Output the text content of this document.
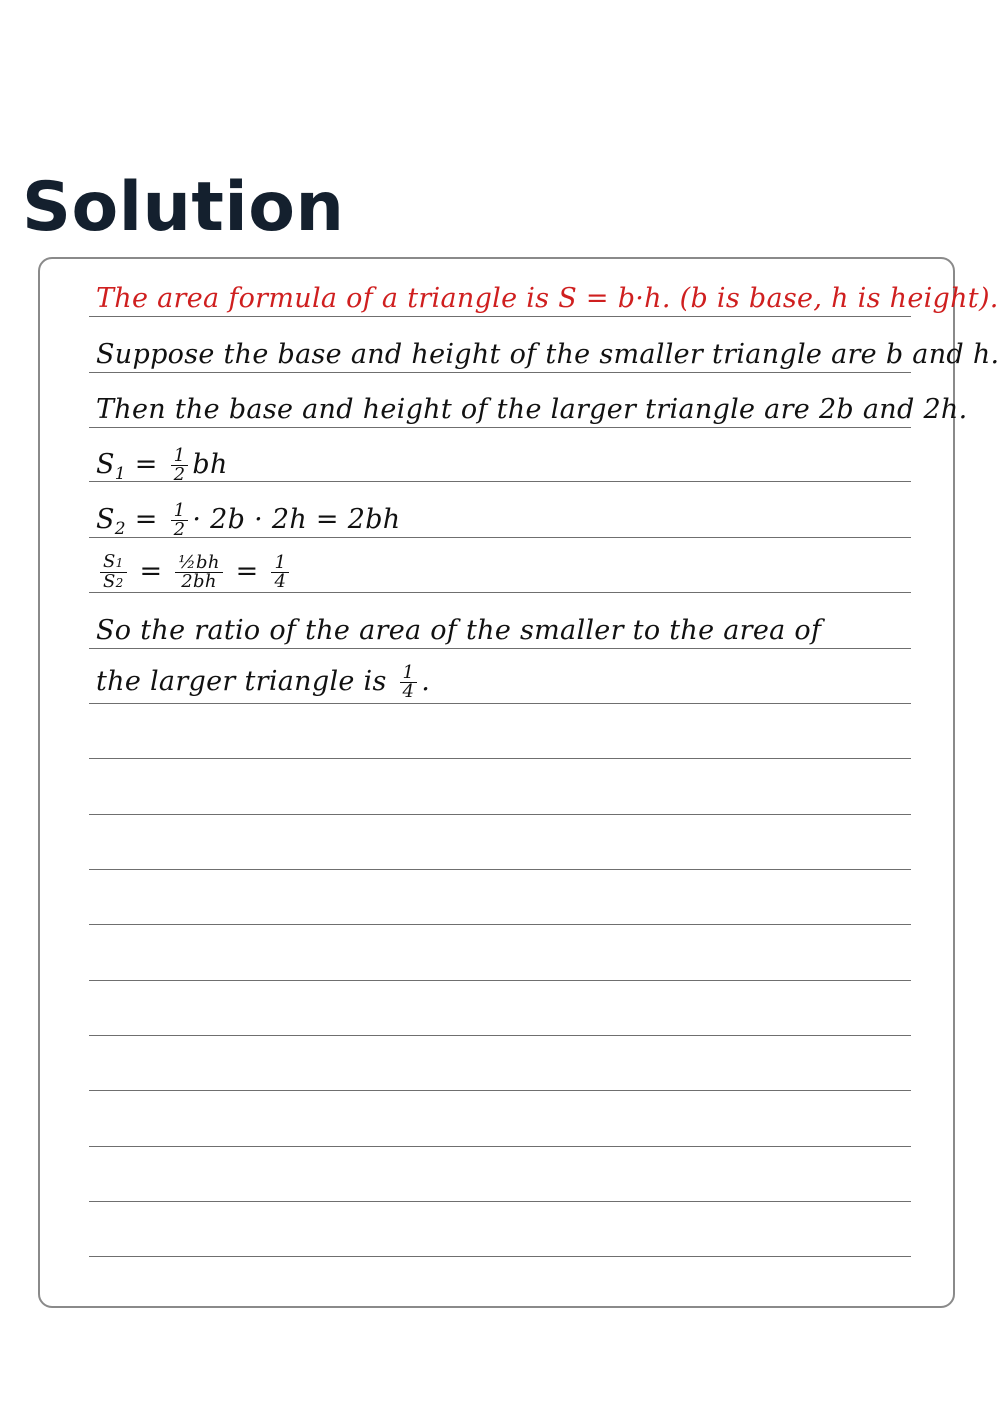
Solution
The area formula of a triangle is S = b·h. (b is base, h is height).
Suppose the base and height of the smaller triangle are b and h.
Then the base and height of the larger triangle are 2b and 2h.
$S_1 = \frac{1}{2}$ bh
$S_2 = \frac{1}{2} \cdot 2b \cdot 2h = 2bh$
$\frac{S1}{S2} = \frac{\text{½bh}}{2bh} = \frac{1}{4}$
So the ratio of the area of the smaller to the area of
the larger triangle is $\frac{1}{4}$ .
